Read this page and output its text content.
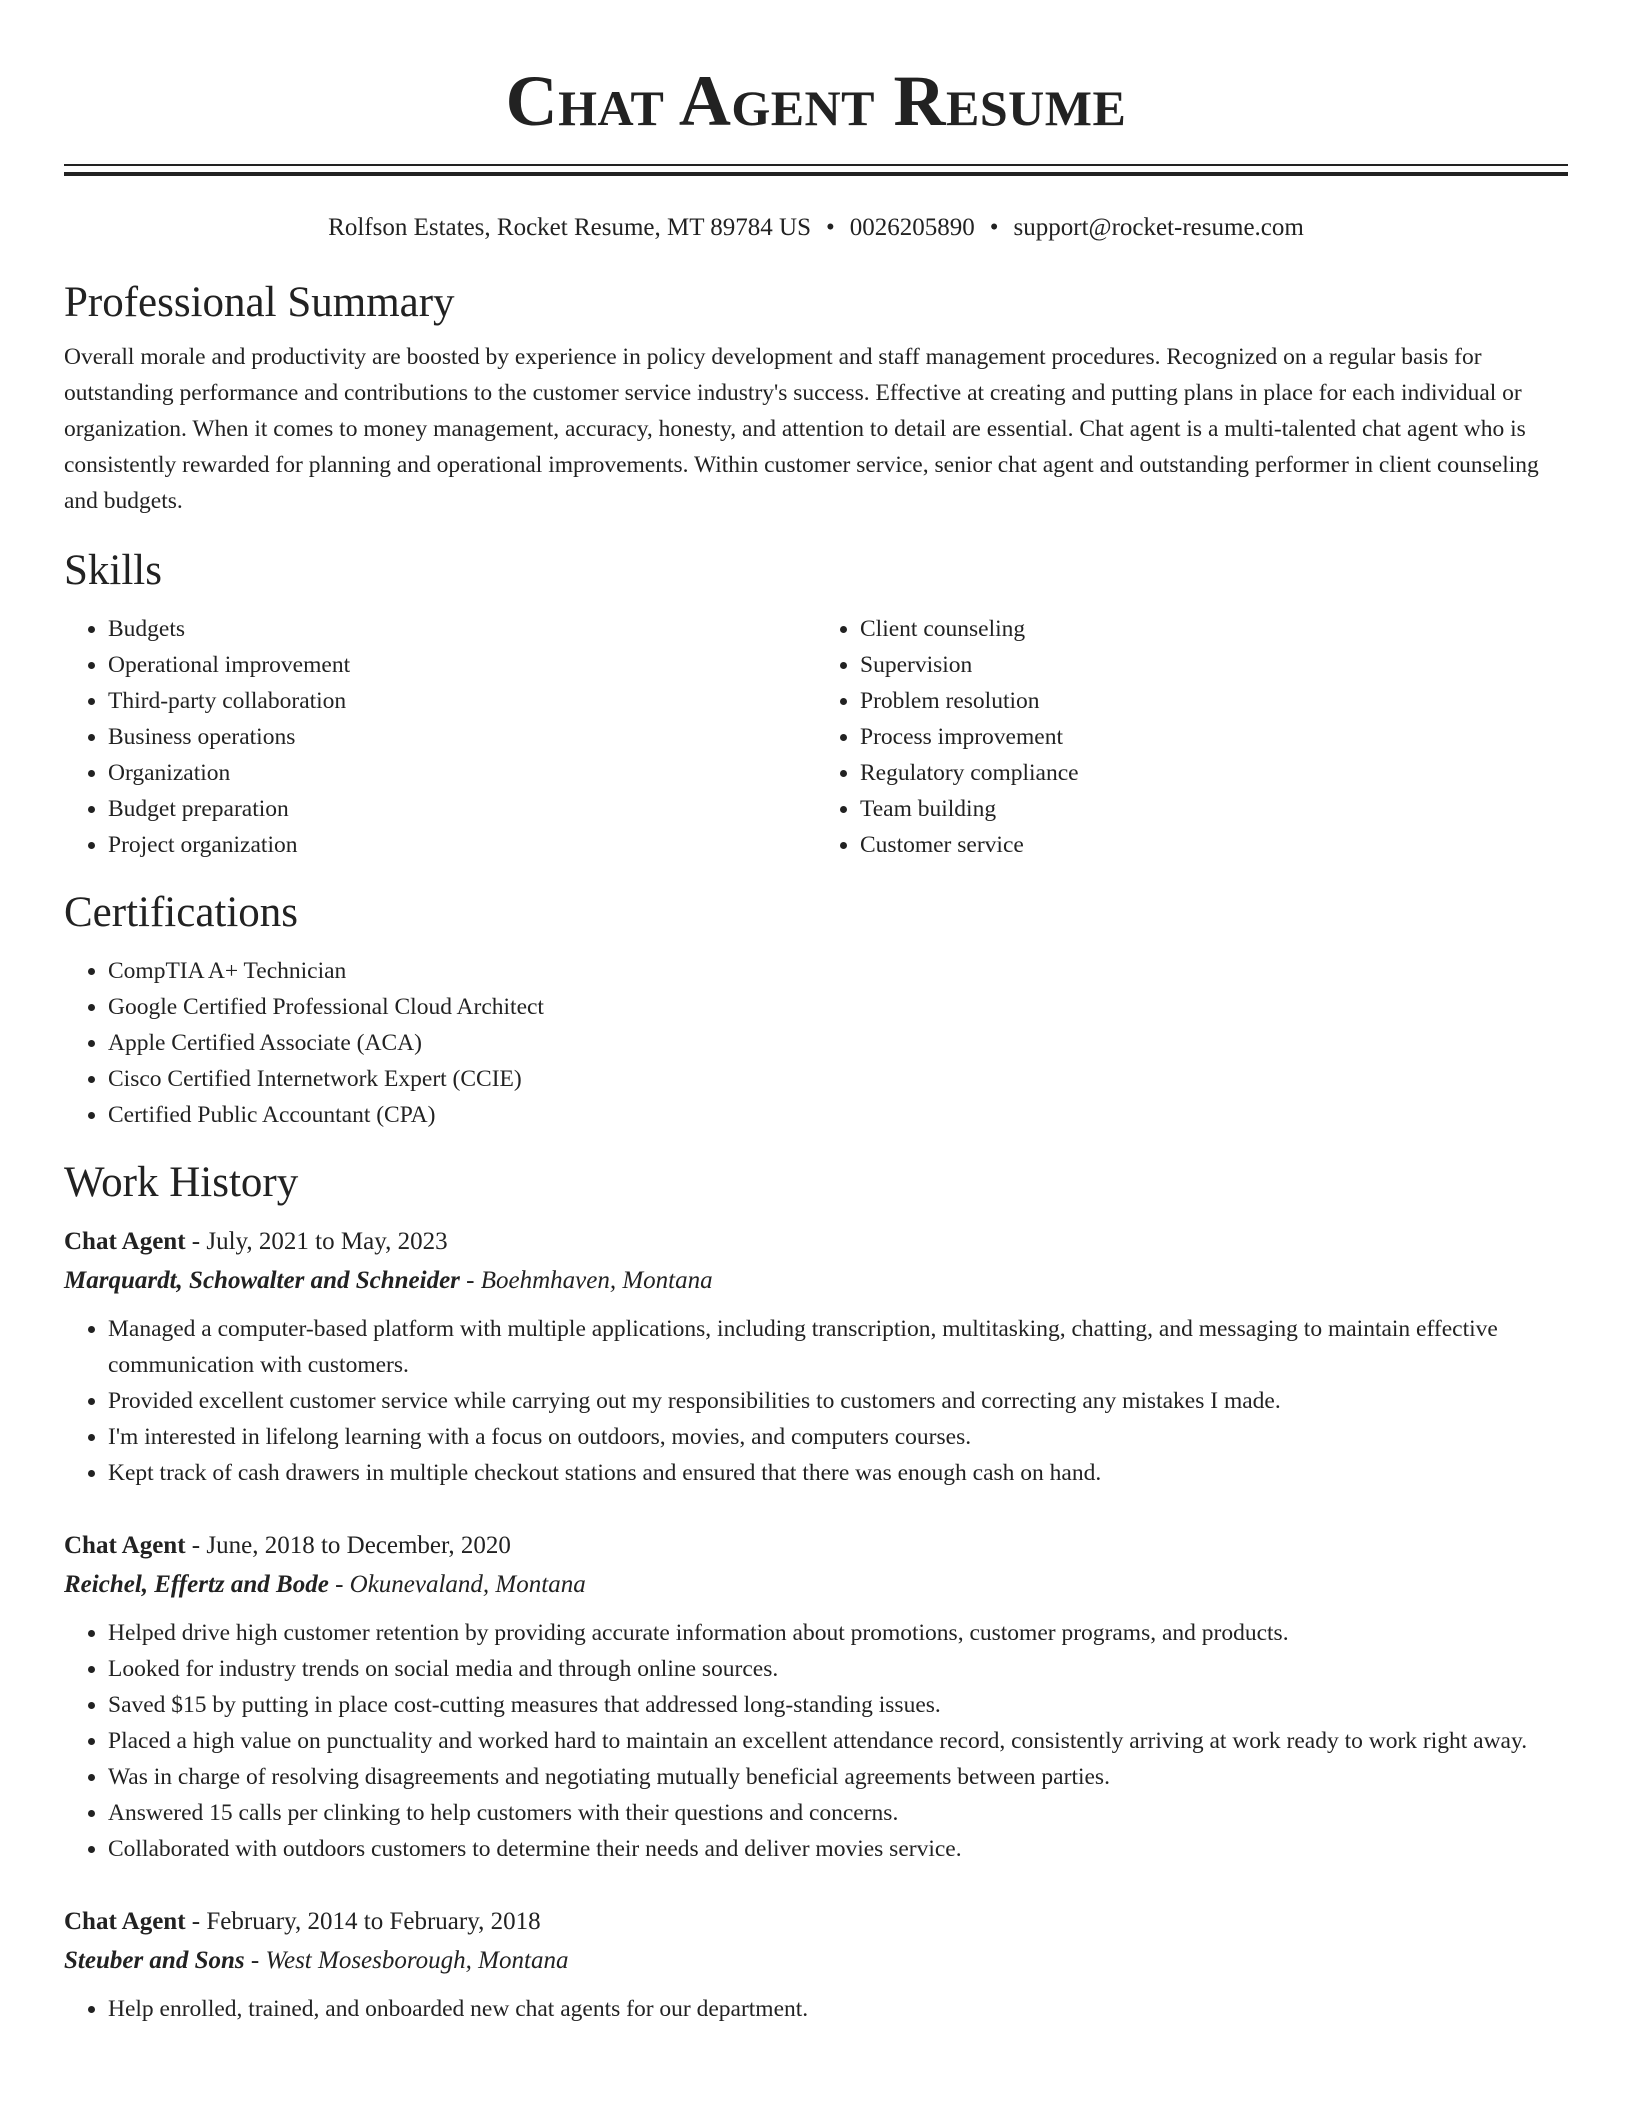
Chat Agent Resume
Rolfson Estates, Rocket Resume, MT 89784 US • 0026205890 • support@rocket-resume.com
Professional Summary

Overall morale and productivity are boosted by experience in policy development and staff management procedures. Recognized on a regular basis for outstanding performance and contributions to the customer service industry's success. Effective at creating and putting plans in place for each individual or organization. When it comes to money management, accuracy, honesty, and attention to detail are essential. Chat agent is a multi-talented chat agent who is consistently rewarded for planning and operational improvements. Within customer service, senior chat agent and outstanding performer in client counseling and budgets.

Skills
• Budgets
• Operational improvement
• Third-party collaboration
• Business operations
• Organization
• Budget preparation
• Project organization
• Client counseling
• Supervision
• Problem resolution
• Process improvement
• Regulatory compliance
• Team building
• Customer service
Certifications
• CompTIA A+ Technician
• Google Certified Professional Cloud Architect
• Apple Certified Associate (ACA)
• Cisco Certified Internetwork Expert (CCIE)
• Certified Public Accountant (CPA)
Work History
Chat Agent - July, 2021 to May, 2023
Marquardt, Schowalter and Schneider - Boehmhaven, Montana
• Managed a computer-based platform with multiple applications, including transcription, multitasking, chatting, and messaging to maintain effective communication with customers.
• Provided excellent customer service while carrying out my responsibilities to customers and correcting any mistakes I made.
• I'm interested in lifelong learning with a focus on outdoors, movies, and computers courses.
• Kept track of cash drawers in multiple checkout stations and ensured that there was enough cash on hand.
Chat Agent - June, 2018 to December, 2020
Reichel, Effertz and Bode - Okunevaland, Montana
• Helped drive high customer retention by providing accurate information about promotions, customer programs, and products.
• Looked for industry trends on social media and through online sources.
• Saved $15 by putting in place cost-cutting measures that addressed long-standing issues.
• Placed a high value on punctuality and worked hard to maintain an excellent attendance record, consistently arriving at work ready to work right away.
• Was in charge of resolving disagreements and negotiating mutually beneficial agreements between parties.
• Answered 15 calls per clinking to help customers with their questions and concerns.
• Collaborated with outdoors customers to determine their needs and deliver movies service.
Chat Agent - February, 2014 to February, 2018
Steuber and Sons - West Mosesborough, Montana
• Help enrolled, trained, and onboarded new chat agents for our department.
